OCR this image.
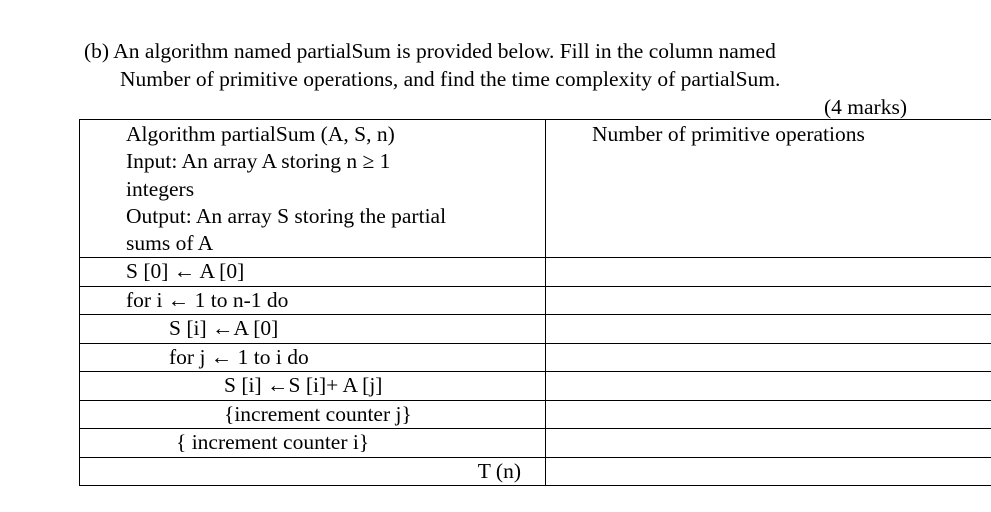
(b) An algorithm named partialSum is provided below. Fill in the column named
Number of primitive operations, and find the time complexity of partialSum.
(4 marks)
Algorithm partialSum (A, S, n)
Input: An array A storing n ≥ 1
integers
Output: An array S storing the partial
sums of A	Number of primitive operations
S [0] ← A [0]	
for i ← 1 to n-1 do	
S [i] ←A [0]	
for j ← 1 to i do	
S [i] ←S [i]+ A [j]	
{increment counter j}	
{ increment counter i}	
T (n)	
